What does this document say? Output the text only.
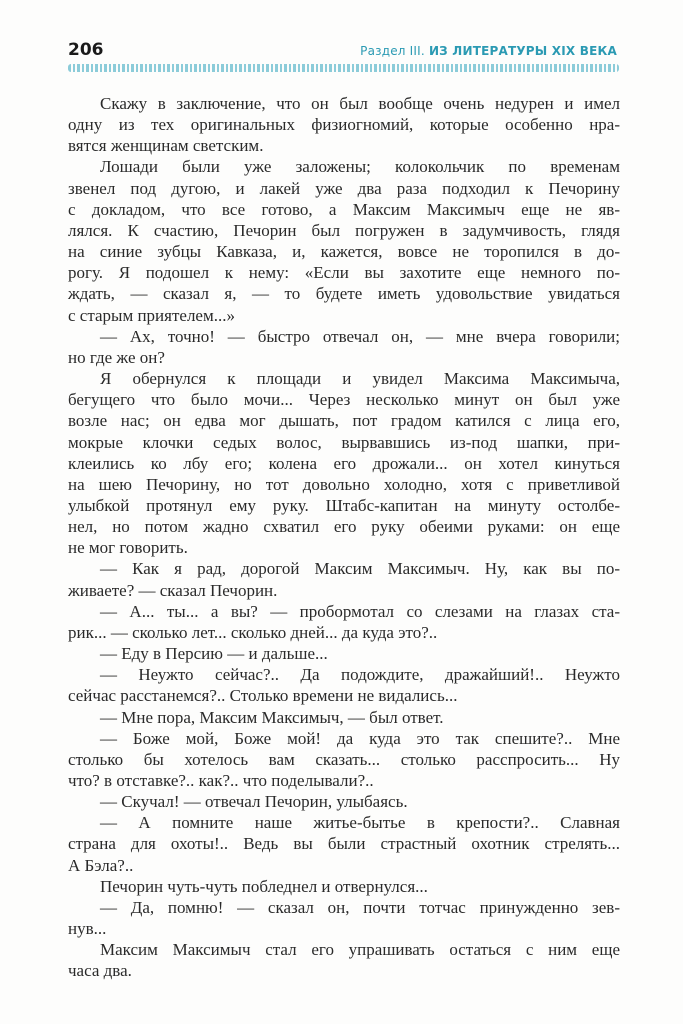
206	Раздел III. ИЗ ЛИТЕРАТУРЫ XIX ВЕКА
Скажу в заключение, что он был вообще очень недурен и имел
одну из тех оригинальных физиогномий, которые особенно нра-
вятся женщинам светским.
Лошади были уже заложены; колокольчик по временам
звенел под дугою, и лакей уже два раза подходил к Печорину
с докладом, что все готово, а Максим Максимыч еще не яв-
лялся. К счастию, Печорин был погружен в задумчивость, глядя
на синие зубцы Кавказа, и, кажется, вовсе не торопился в до-
рогу. Я подошел к нему: «Если вы захотите еще немного по-
ждать, — сказал я, — то будете иметь удовольствие увидаться
с старым приятелем...»
— Ах, точно! — быстро отвечал он, — мне вчера говорили;
но где же он?
Я обернулся к площади и увидел Максима Максимыча,
бегущего что было мочи... Через несколько минут он был уже
возле нас; он едва мог дышать, пот градом катился с лица его,
мокрые клочки седых волос, вырвавшись из-под шапки, при-
клеились ко лбу его; колена его дрожали... он хотел кинуться
на шею Печорину, но тот довольно холодно, хотя с приветливой
улыбкой протянул ему руку. Штабс-капитан на минуту остолбе-
нел, но потом жадно схватил его руку обеими руками: он еще
не мог говорить.
— Как я рад, дорогой Максим Максимыч. Ну, как вы по-
живаете? — сказал Печорин.
— А... ты... а вы? — пробормотал со слезами на глазах ста-
рик... — сколько лет... сколько дней... да куда это?..
— Еду в Персию — и дальше...
— Неужто сейчас?.. Да подождите, дражайший!.. Неужто
сейчас расстанемся?.. Столько времени не видались...
— Мне пора, Максим Максимыч, — был ответ.
— Боже мой, Боже мой! да куда это так спешите?.. Мне
столько бы хотелось вам сказать... столько расспросить... Ну
что? в отставке?.. как?.. что поделывали?..
— Скучал! — отвечал Печорин, улыбаясь.
— А помните наше житье-бытье в крепости?.. Славная
страна для охоты!.. Ведь вы были страстный охотник стрелять...
А Бэла?..
Печорин чуть-чуть побледнел и отвернулся...
— Да, помню! — сказал он, почти тотчас принужденно зев-
нув...
Максим Максимыч стал его упрашивать остаться с ним еще
часа два.
